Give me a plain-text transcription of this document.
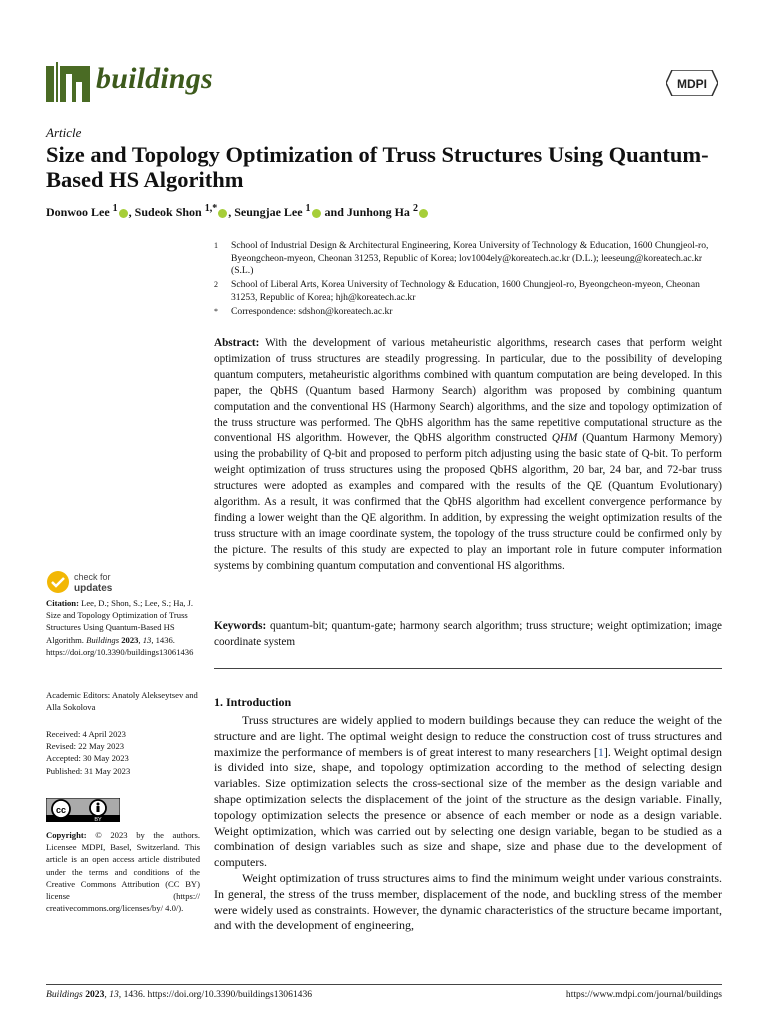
buildings	MDPI
Article
Size and Topology Optimization of Truss Structures Using Quantum-Based HS Algorithm
Donwoo Lee $^1$ , Sudeok Shon $^{1,*}$ , Seungjae Lee $^1$ and Junhong Ha $^2$
1	School of Industrial Design & Architectural Engineering, Korea University of Technology & Education, 1600 Chungjeol-ro, Byeongcheon-myeon, Cheonan 31253, Republic of Korea; lov1004ely@koreatech.ac.kr (D.L.); leeseung@koreatech.ac.kr (S.L.)
2	School of Liberal Arts, Korea University of Technology & Education, 1600 Chungjeol-ro, Byeongcheon-myeon, Cheonan 31253, Republic of Korea; hjh@koreatech.ac.kr
*	Correspondence: sdshon@koreatech.ac.kr
Abstract: With the development of various metaheuristic algorithms, research cases that perform weight optimization of truss structures are steadily progressing. In particular, due to the possibility of developing quantum computers, metaheuristic algorithms combined with quantum computation are being developed. In this paper, the QbHS (Quantum based Harmony Search) algorithm was proposed by combining quantum computation and the conventional HS (Harmony Search) algorithms, and the size and topology optimization of the truss structure was performed. The QbHS algorithm has the same repetitive computational structure as the conventional HS algorithm. However, the QbHS algorithm constructed QHM (Quantum Harmony Memory) using the probability of Q-bit and proposed to perform pitch adjusting using the basic state of Q-bit. To perform weight optimization of truss structures using the proposed QbHS algorithm, 20 bar, 24 bar, and 72-bar truss structures were adopted as examples and compared with the results of the QE (Quantum Evolutionary) algorithm. As a result, it was confirmed that the QbHS algorithm had excellent convergence performance by finding a lower weight than the QE algorithm. In addition, by expressing the weight optimization results of the truss structure with an image coordinate system, the topology of the truss structure could be confirmed only by the picture. The results of this study are expected to play an important role in future computer information systems by combining quantum computation and conventional HS algorithms.
Keywords: quantum-bit; quantum-gate; harmony search algorithm; truss structure; weight optimization; image coordinate system
check for
updates
Citation: Lee, D.; Shon, S.; Lee, S.; Ha, J. Size and Topology Optimization of Truss Structures Using Quantum-Based HS Algorithm. Buildings 2023, 13, 1436. https://doi.org/10.3390/buildings13061436
Academic Editors: Anatoly Alekseytsev and Alla Sokolova
Received: 4 April 2023
Revised: 22 May 2023
Accepted: 30 May 2023
Published: 31 May 2023
cc
BY
Copyright: © 2023 by the authors. Licensee MDPI, Basel, Switzerland. This article is an open access article distributed under the terms and conditions of the Creative Commons Attribution (CC BY) license (https:// creativecommons.org/licenses/by/ 4.0/).
1. Introduction

Truss structures are widely applied to modern buildings because they can reduce the weight of the structure and are light. The optimal weight design to reduce the construction cost of truss structures and maximize the performance of members is of great interest to many researchers [1]. Weight optimal design is divided into size, shape, and topology optimization according to the method of selecting design variables. Size optimization selects the cross-sectional size of the member as the design variable and shape optimization selects the displacement of the joint of the structure as the design variable. Finally, topology optimization selects the presence or absence of each member or node as a design variable. Weight optimization, which was carried out by selecting one design variable, began to be studied as a combination of design variables such as size and shape, size and phase due to the development of computers.

Weight optimization of truss structures aims to find the minimum weight under various constraints. In general, the stress of the truss member, displacement of the node, and buckling stress of the member were widely used as constraints. However, the dynamic characteristics of the structure became important, and with the development of engineering,

Buildings 2023, 13, 1436. https://doi.org/10.3390/buildings13061436	https://www.mdpi.com/journal/buildings
